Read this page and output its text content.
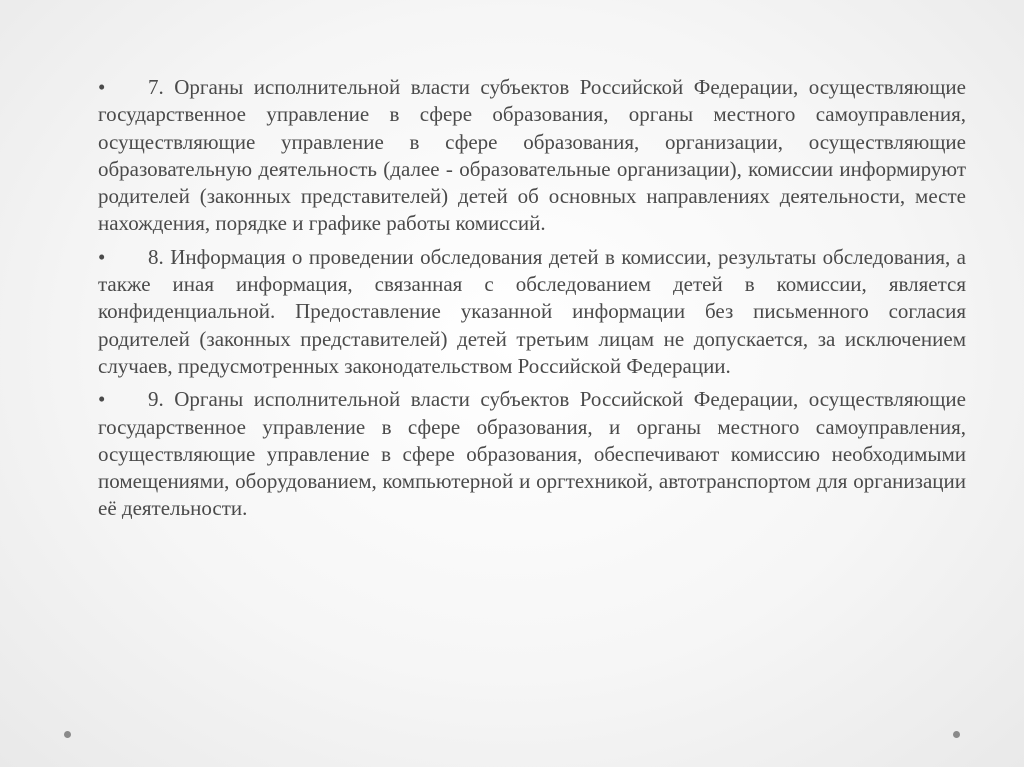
• 7. Органы исполнительной власти субъектов Российской Федерации, осуществляющие государственное управление в сфере образования, органы местного самоуправления, осуществляющие управление в сфере образования, организации, осуществляющие образовательную деятельность (далее - образовательные организации), комиссии информируют родителей (законных представителей) детей об основных направлениях деятельности, месте нахождения, порядке и графике работы комиссий.

• 8. Информация о проведении обследования детей в комиссии, результаты обследования, а также иная информация, связанная с обследованием детей в комиссии, является конфиденциальной. Предоставление указанной информации без письменного согласия родителей (законных представителей) детей третьим лицам не допускается, за исключением случаев, предусмотренных законодательством Российской Федерации.

• 9. Органы исполнительной власти субъектов Российской Федерации, осуществляющие государственное управление в сфере образования, и органы местного самоуправления, осуществляющие управление в сфере образования, обеспечивают комиссию необходимыми помещениями, оборудованием, компьютерной и оргтехникой, автотранспортом для организации её деятельности.
